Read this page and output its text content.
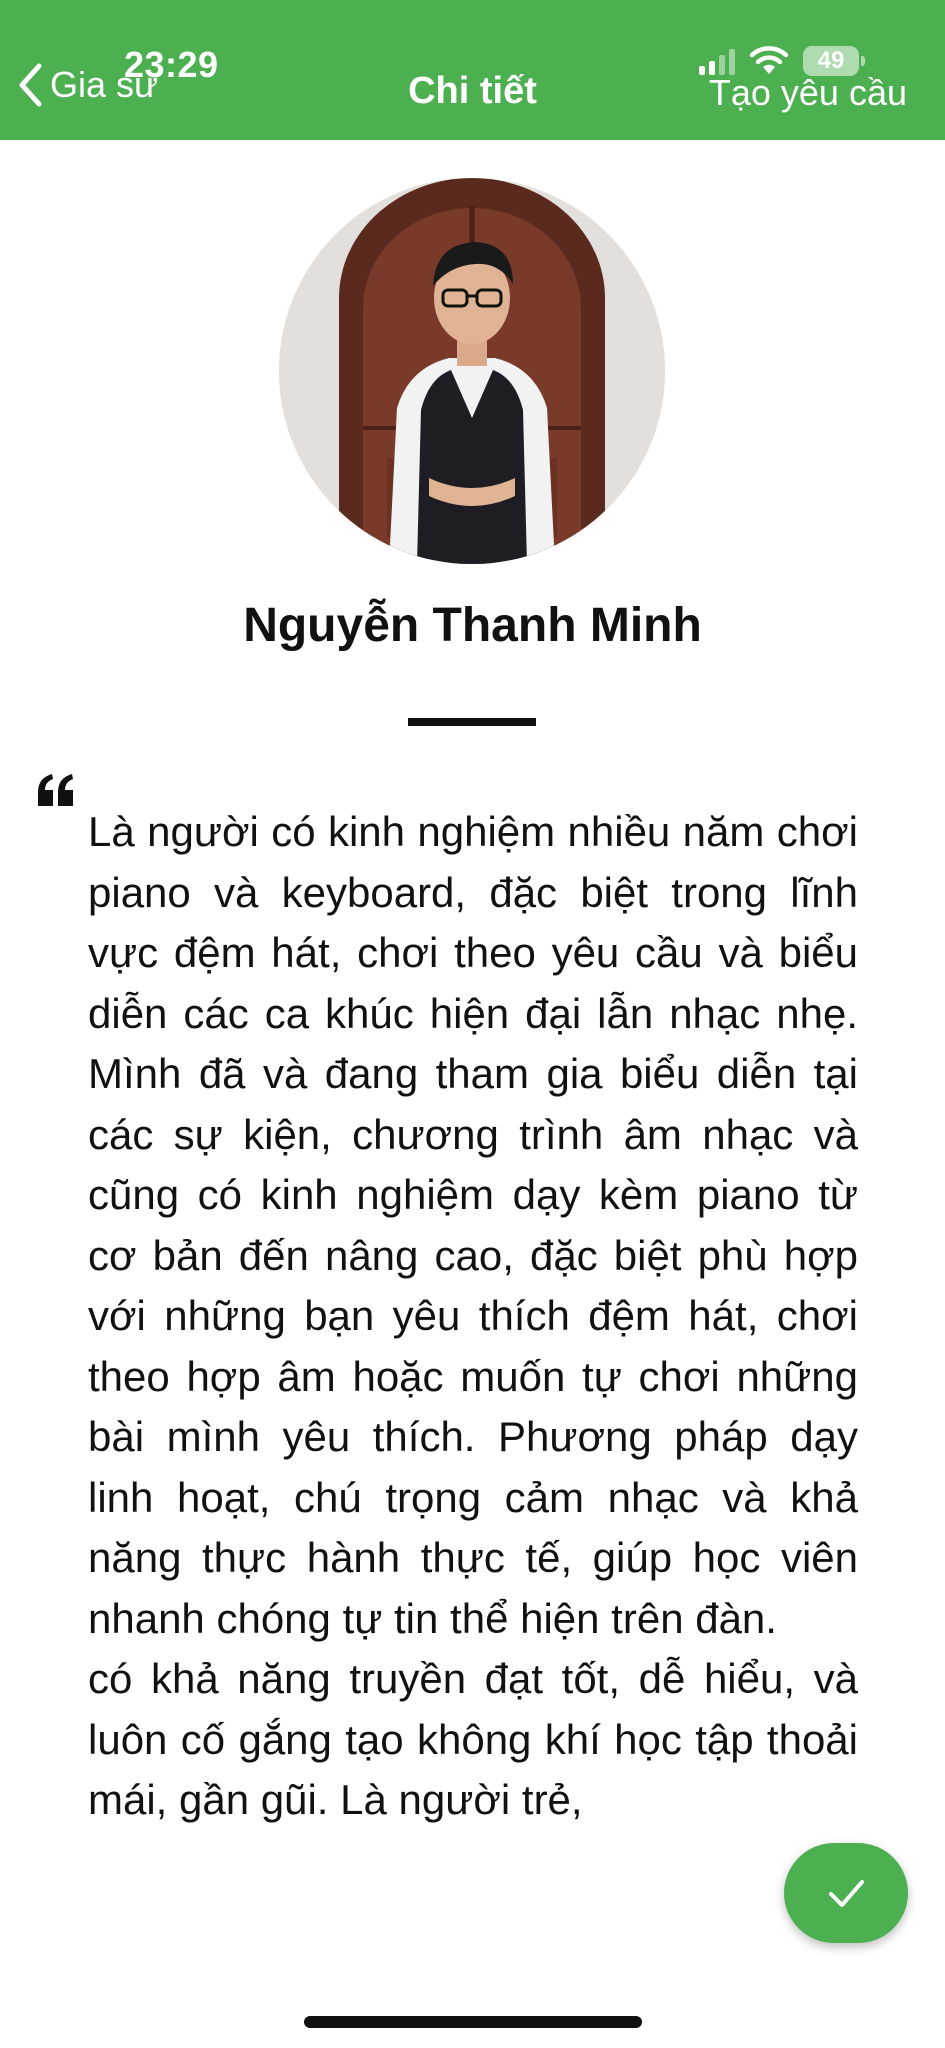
23:29	49
Gia sư	Chi tiết	Tạo yêu cầu
Nguyễn Thanh Minh

Là người có kinh nghiệm nhiều năm chơi piano và keyboard, đặc biệt trong lĩnh vực đệm hát, chơi theo yêu cầu và biểu diễn các ca khúc hiện đại lẫn nhạc nhẹ. Mình đã và đang tham gia biểu diễn tại các sự kiện, chương trình âm nhạc và cũng có kinh nghiệm dạy kèm piano từ cơ bản đến nâng cao, đặc biệt phù hợp với những bạn yêu thích đệm hát, chơi theo hợp âm hoặc muốn tự chơi những bài mình yêu thích. Phương pháp dạy linh hoạt, chú trọng cảm nhạc và khả năng thực hành thực tế, giúp học viên nhanh chóng tự tin thể hiện trên đàn.

có khả năng truyền đạt tốt, dễ hiểu, và luôn cố gắng tạo không khí học tập thoải mái, gần gũi. Là người trẻ,
